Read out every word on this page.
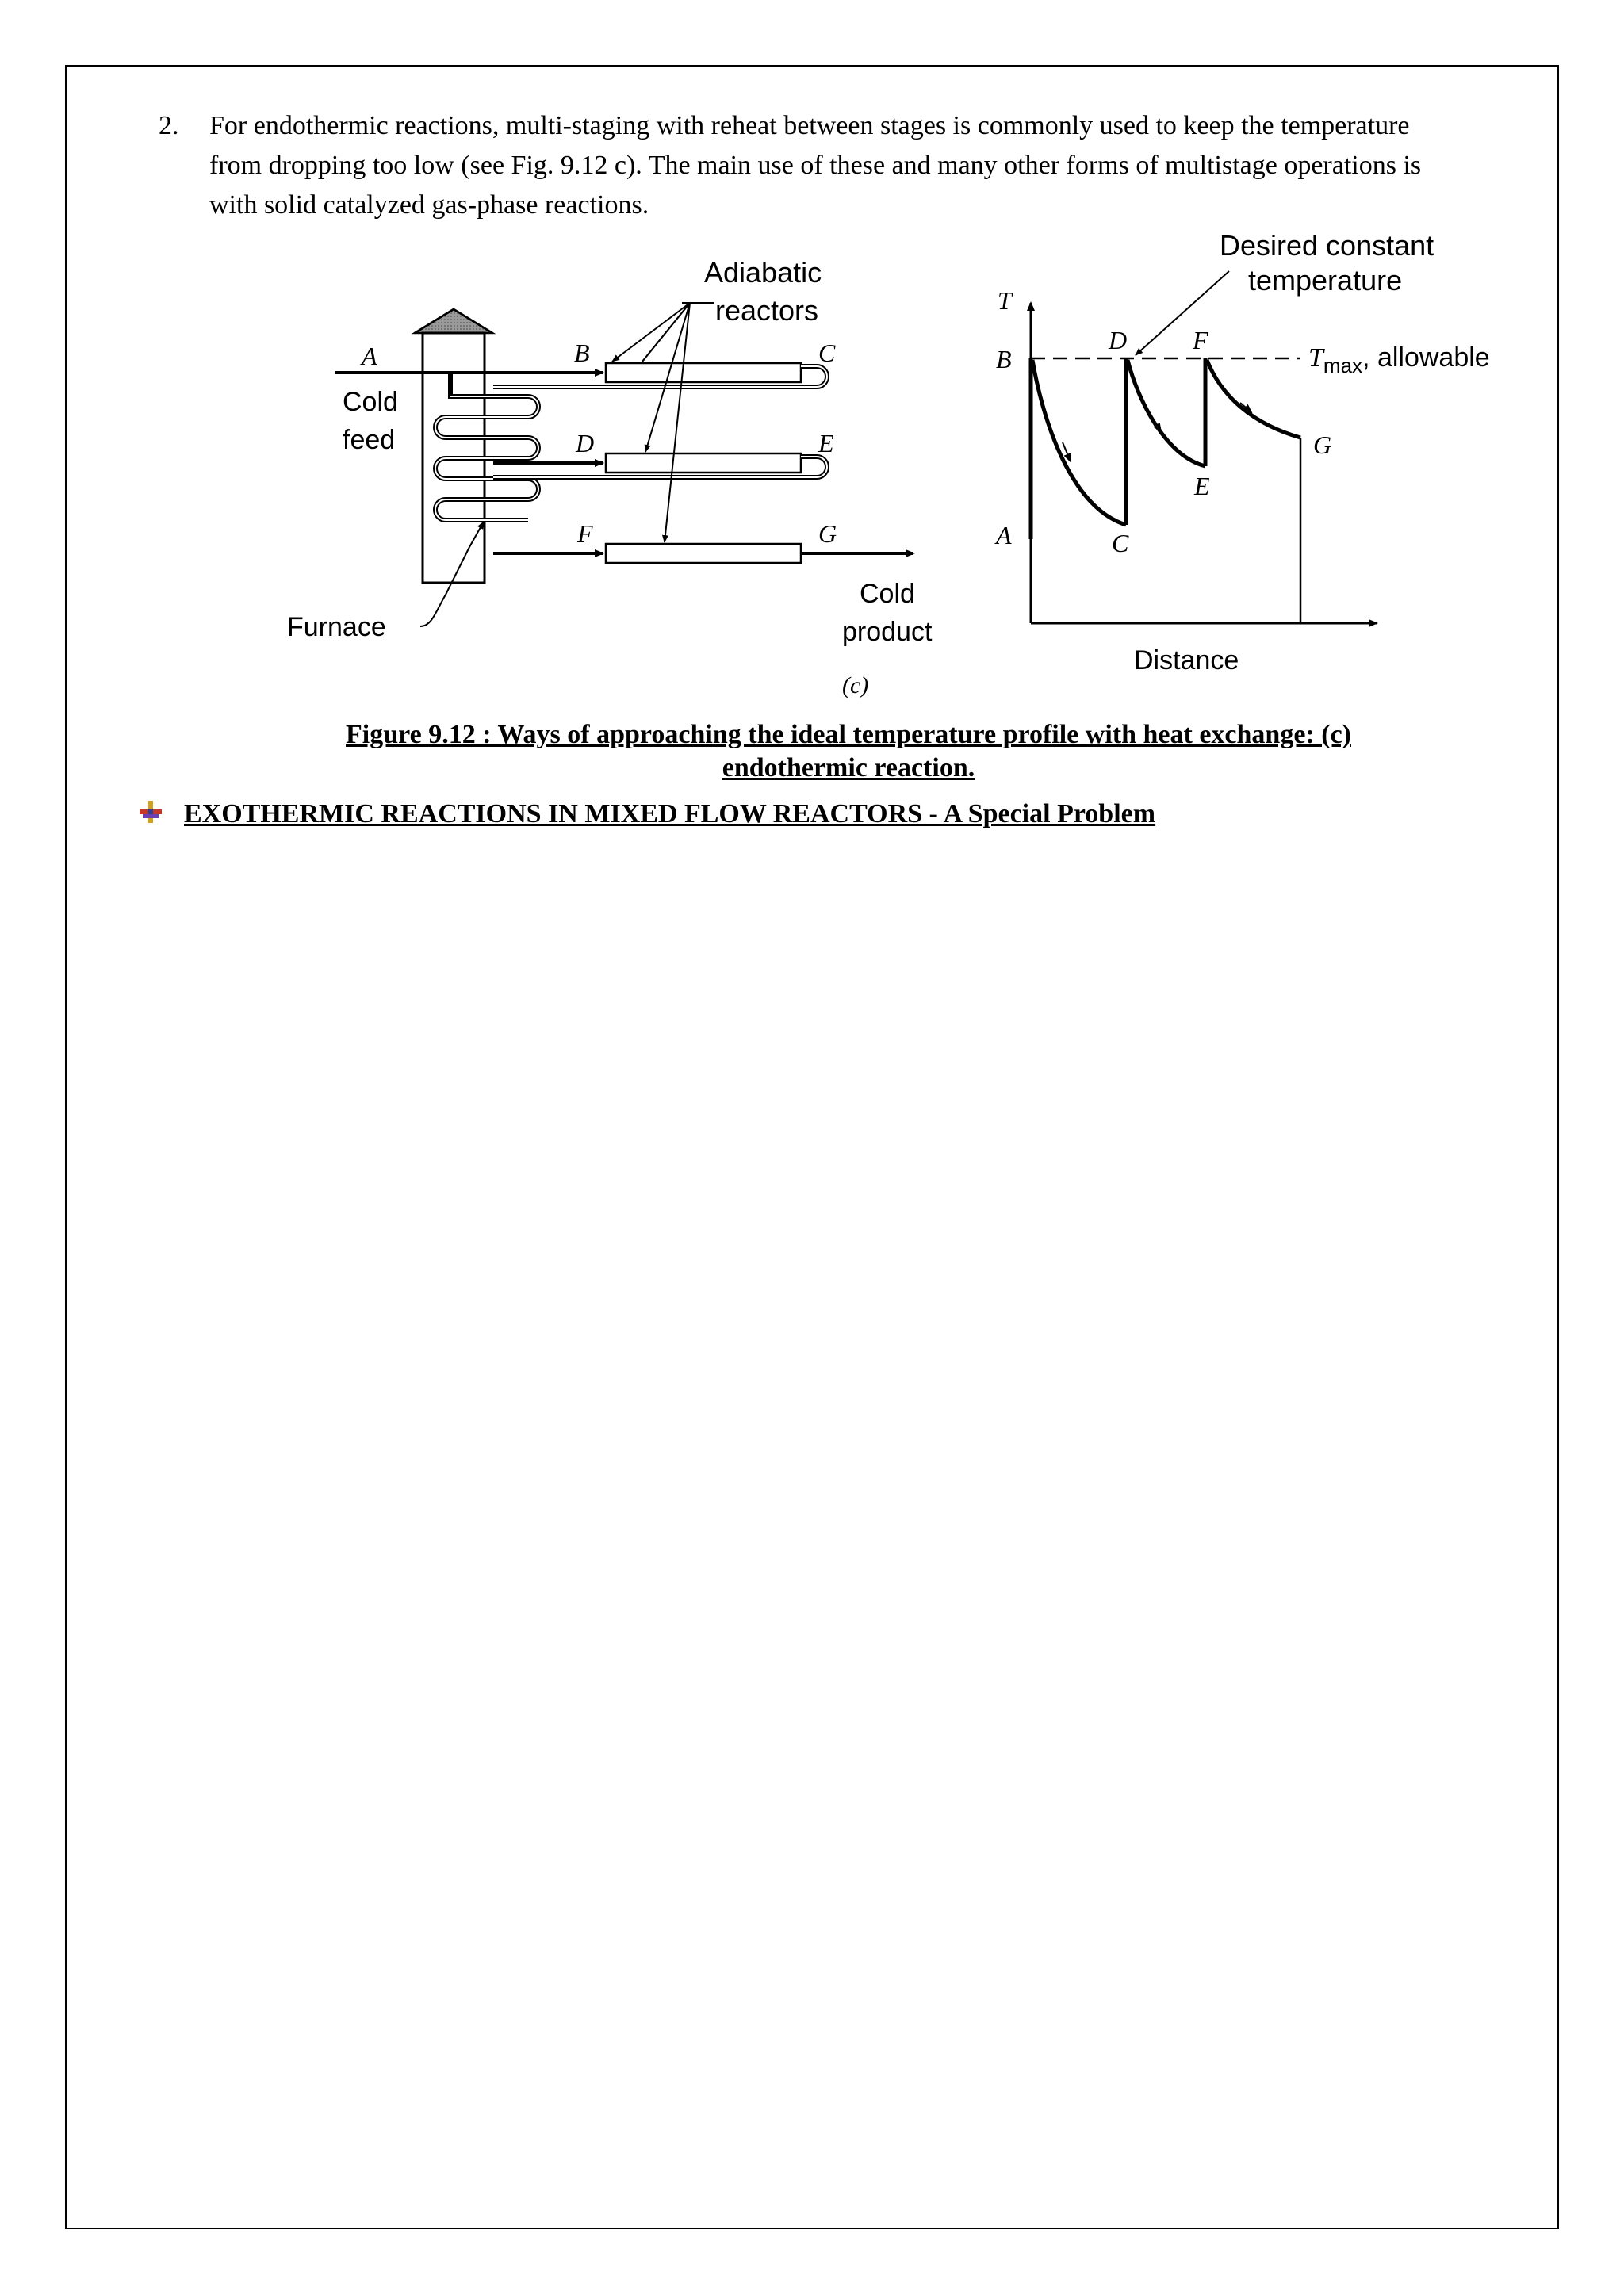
2. For endothermic reactions, multi-staging with reheat between stages is commonly used to keep the temperature from dropping too low (see Fig. 9.12 c). The main use of these and many other forms of multistage operations is with solid catalyzed gas-phase reactions.
A
Cold
feed
Furnace
Adiabatic
reactors
B	C
D	E
F	G
Cold
product
(c)
T
B
A	C
D
E
F
G
Desired constant
temperature
$T_{max}$, allowable
Distance
Figure 9.12 : Ways of approaching the ideal temperature profile with heat exchange: (c)
endothermic reaction.
EXOTHERMIC REACTIONS IN MIXED FLOW REACTORS - A Special Problem
